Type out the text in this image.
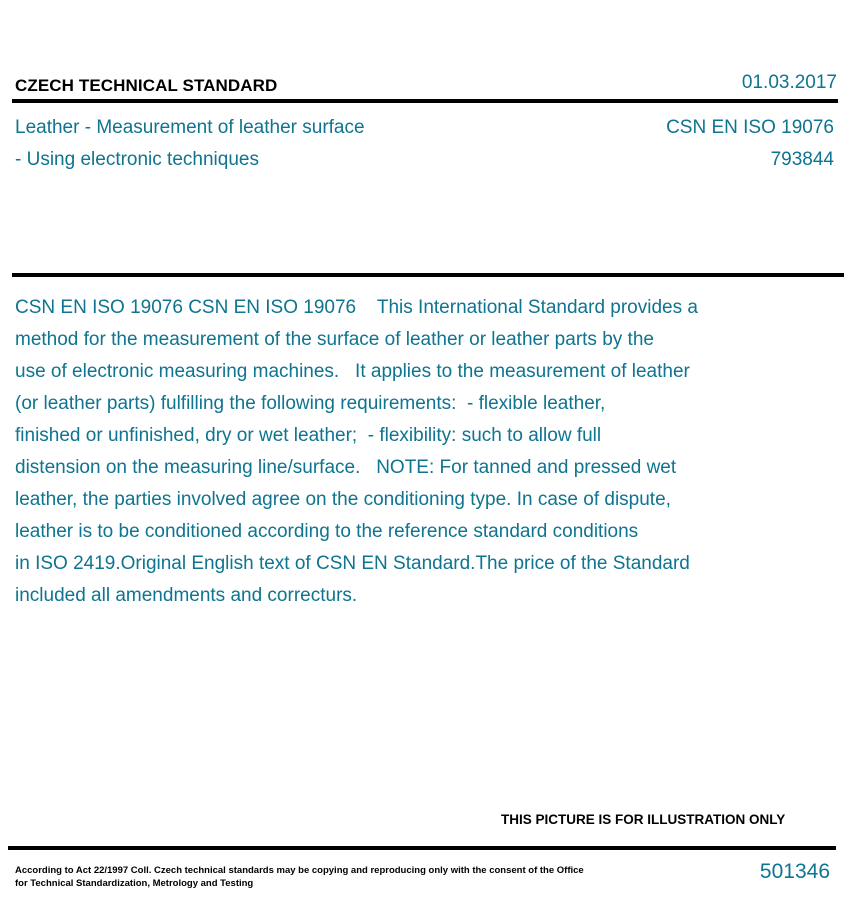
CZECH TECHNICAL STANDARD	01.03.2017
Leather - Measurement of leather surface
- Using electronic techniques
CSN EN ISO 19076
793844
CSN EN ISO 19076 CSN EN ISO 19076    This International Standard provides a
method for the measurement of the surface of leather or leather parts by the
use of electronic measuring machines.   It applies to the measurement of leather
(or leather parts) fulfilling the following requirements:  - flexible leather,
finished or unfinished, dry or wet leather;  - flexibility: such to allow full
distension on the measuring line/surface.   NOTE: For tanned and pressed wet
leather, the parties involved agree on the conditioning type. In case of dispute,
leather is to be conditioned according to the reference standard conditions
in ISO 2419.Original English text of CSN EN Standard.The price of the Standard
included all amendments and correcturs.
THIS PICTURE IS FOR ILLUSTRATION ONLY
According to Act 22/1997 Coll. Czech technical standards may be copying and reproducing only with the consent of the Office
for Technical Standardization, Metrology and Testing
501346
